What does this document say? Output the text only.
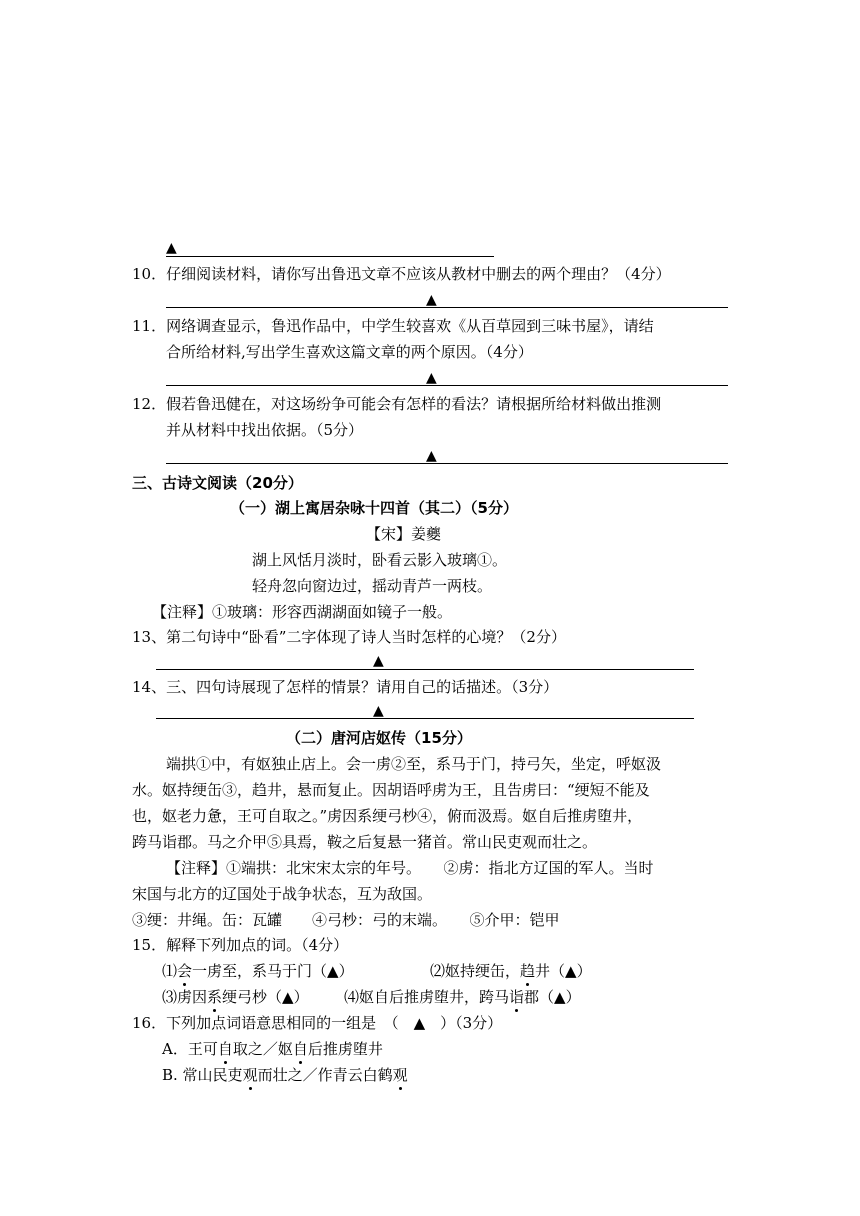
▲
10．仔细阅读材料，请你写出鲁迅文章不应该从教材中删去的两个理由？（4分）
▲
11．网络调查显示，鲁迅作品中，中学生较喜欢《从百草园到三味书屋》，请结
合所给材料,写出学生喜欢这篇文章的两个原因。（4分）
▲
12．假若鲁迅健在，对这场纷争可能会有怎样的看法？请根据所给材料做出推测
并从材料中找出依据。（5分）
▲
三、古诗文阅读（20分）
（一）湖上寓居杂咏十四首（其二）（5分）
【宋】姜夔
湖上风恬月淡时，卧看云影入玻璃①。
轻舟忽向窗边过，摇动青芦一两枝。
【注释】①玻璃：形容西湖湖面如镜子一般。
13、第二句诗中“卧看”二字体现了诗人当时怎样的心境？（2分）
▲
14、三、四句诗展现了怎样的情景？请用自己的话描述。（3分）
▲
（二）唐河店妪传（15分）
端拱①中，有妪独止店上。会一虏②至，系马于门，持弓矢，坐定，呼妪汲
水。妪持绠缶③，趋井，悬而复止。因胡语呼虏为王，且告虏曰：“绠短不能及
也，妪老力惫，王可自取之。”虏因系绠弓杪④，俯而汲焉。妪自后推虏堕井，
跨马诣郡。马之介甲⑤具焉，鞍之后复悬一猪首。常山民吏观而壮之。
【注释】①端拱：北宋宋太宗的年号。　　②虏：指北方辽国的军人。当时
宋国与北方的辽国处于战争状态，互为敌国。
③绠：井绳。缶：瓦罐　　④弓杪：弓的末端。　　⑤介甲：铠甲
15．解释下列加点的词。（4分）
⑴会一虏至，系马于门（▲）	⑵妪持绠缶，趋井（▲）
⑶虏因系绠弓杪（▲） ⑷妪自后推虏堕井，跨马诣郡（▲）
16．下列加点词语意思相同的一组是　（　▲　）（3分）
A．王可自取之／妪自后推虏堕井
B. 常山民吏观而壮之／作青云白鹤观
